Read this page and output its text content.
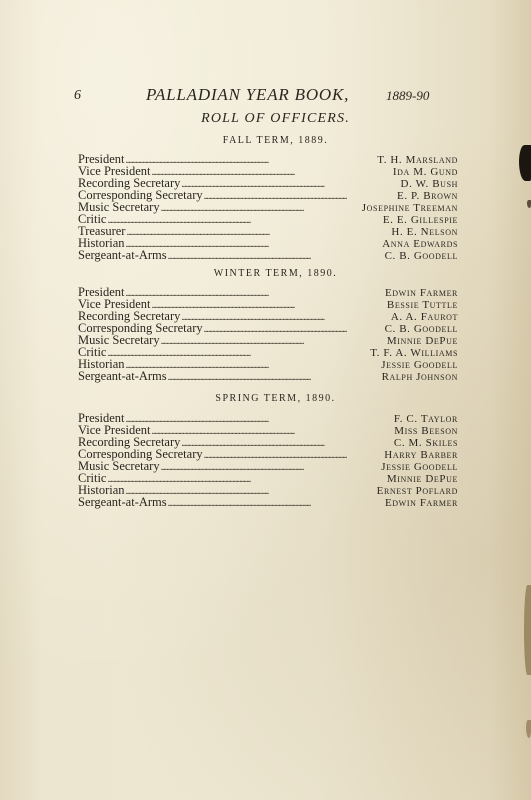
6	PALLADIAN YEAR BOOK,	1889-90
ROLL OF OFFICERS.
FALL TERM, 1889.
President . . .	T. H. Marsland
Vice President . . .	Ida M. Gund
Recording Secretary . . .	D. W. Bush
Corresponding Secretary . . .	E. P. Brown
Music Secretary . . .	Josephine Treeman
Critic . . .	E. E. Gillespie
Treasurer . . .	H. E. Nelson
Historian . . .	Anna Edwards
Sergeant-at-Arms . . .	C. B. Goodell
WINTER TERM, 1890.
President . . .	Edwin Farmer
Vice President . . .	Bessie Tuttle
Recording Secretary . . .	A. A. Faurot
Corresponding Secretary . . .	C. B. Goodell
Music Secretary . . .	Minnie DePue
Critic . . .	T. F. A. Williams
Historian . . .	Jessie Goodell
Sergeant-at-Arms . . .	Ralph Johnson
SPRING TERM, 1890.
President . . .	F. C. Taylor
Vice President . . .	Miss Beeson
Recording Secretary . . .	C. M. Skiles
Corresponding Secretary . . .	Harry Barber
Music Secretary . . .	Jessie Goodell
Critic . . .	Minnie DePue
Historian . . .	Ernest Poflard
Sergeant-at-Arms . . .	Edwin Farmer
